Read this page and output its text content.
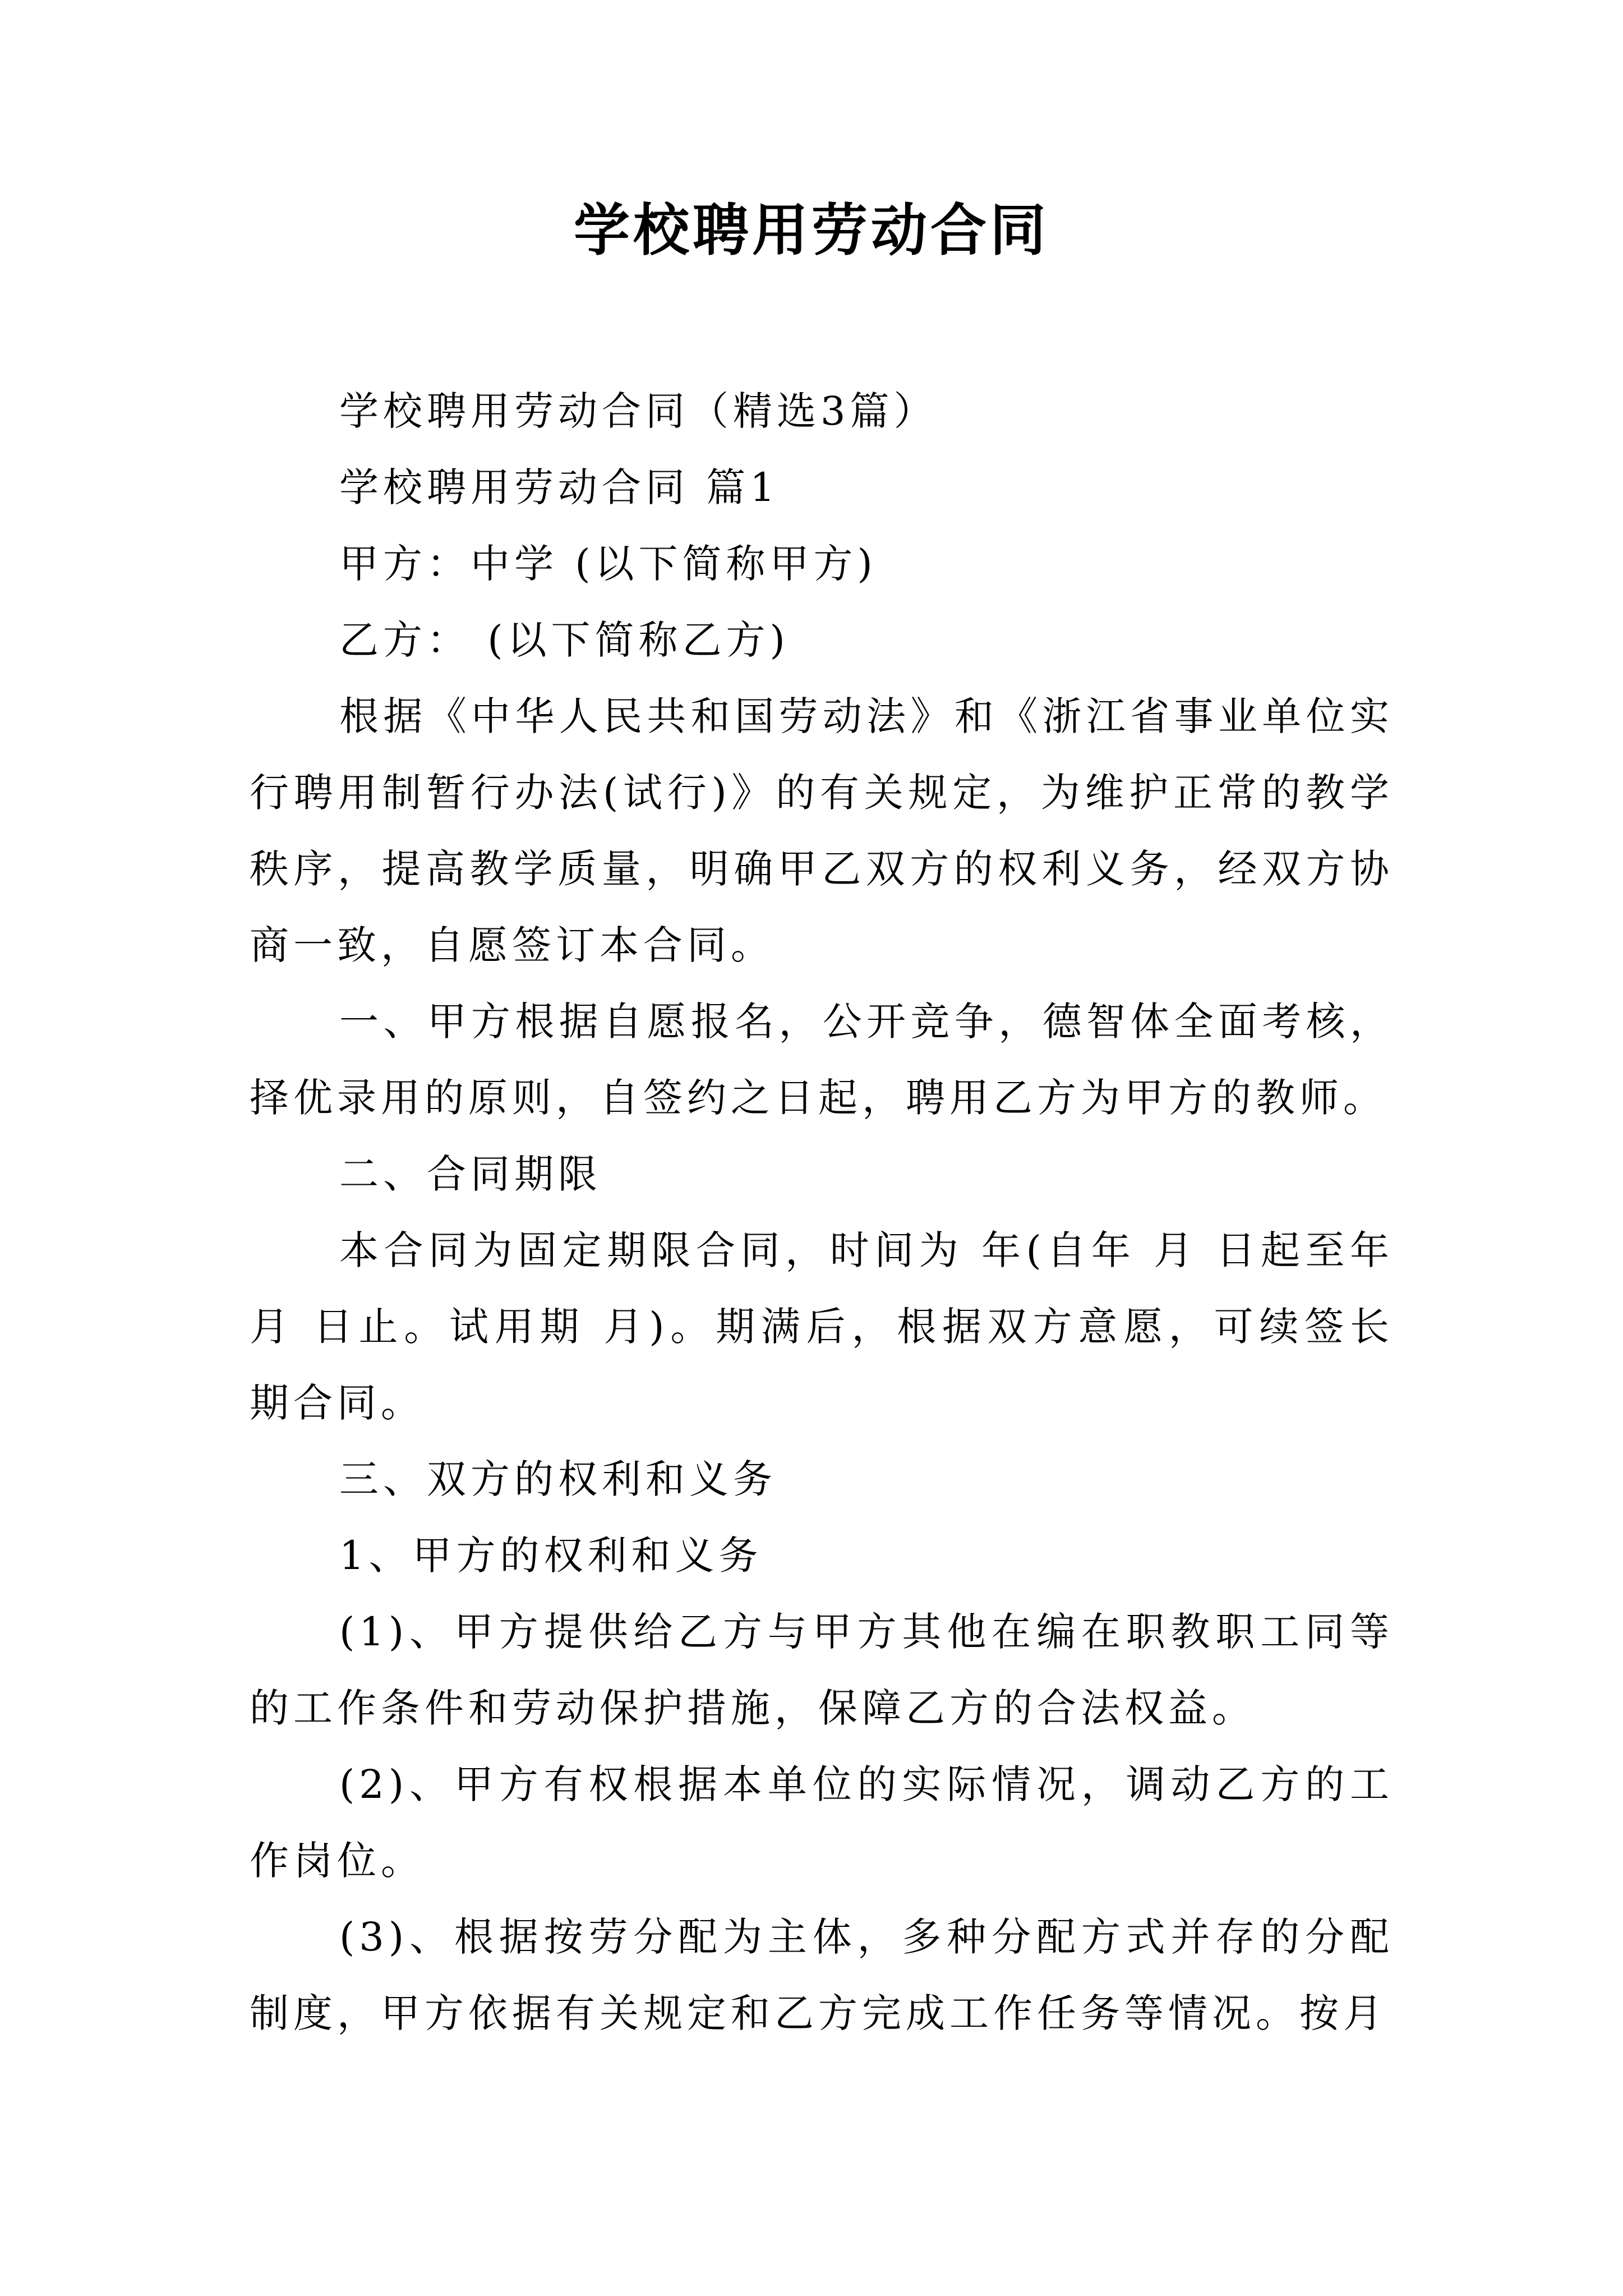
学校聘用劳动合同

学校聘用劳动合同（精选3篇）

学校聘用劳动合同 篇1

甲方：中学 (以下简称甲方)

乙方： (以下简称乙方)

根据《中华人民共和国劳动法》和《浙江省事业单位实行聘用制暂行办法(试行)》的有关规定，为维护正常的教学秩序，提高教学质量，明确甲乙双方的权利义务，经双方协商一致，自愿签订本合同。

一、甲方根据自愿报名，公开竞争，德智体全面考核，择优录用的原则，自签约之日起，聘用乙方为甲方的教师。

二、合同期限

本合同为固定期限合同，时间为 年(自年 月 日起至年 月 日止。试用期 月)。期满后，根据双方意愿，可续签长期合同。

三、双方的权利和义务

1、甲方的权利和义务

(1)、甲方提供给乙方与甲方其他在编在职教职工同等的工作条件和劳动保护措施，保障乙方的合法权益。

(2)、甲方有权根据本单位的实际情况，调动乙方的工作岗位。

(3)、根据按劳分配为主体，多种分配方式并存的分配制度，甲方依据有关规定和乙方完成工作任务等情况。按月
